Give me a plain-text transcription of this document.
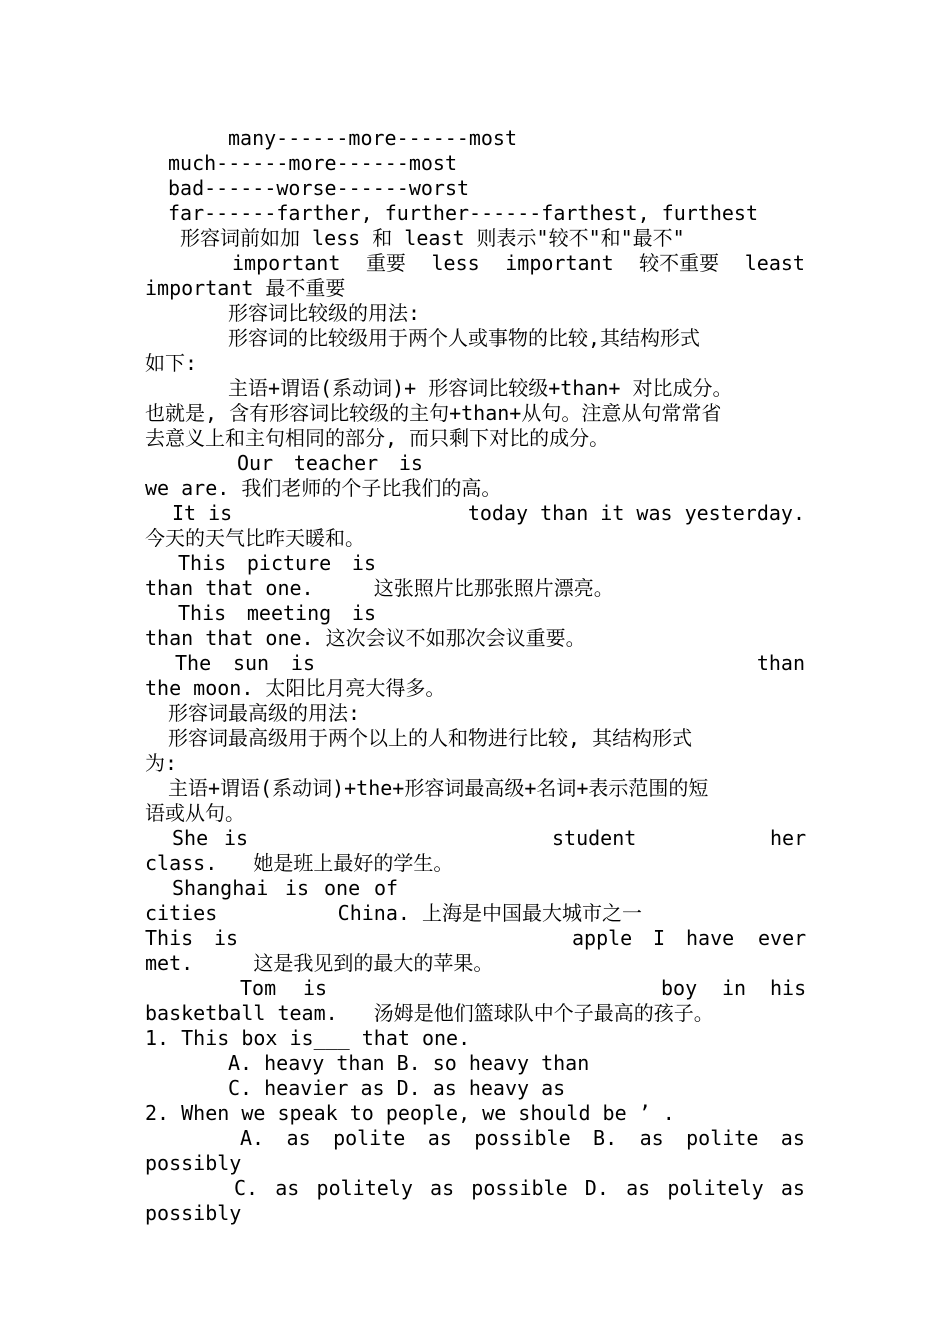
many------more------most
much------more------most
bad------worse------worst
far------farther, further------farthest, furthest
形容词前如加 less 和 least 则表示"较不"和"最不"
important 重要 less important 较不重要 least
important 最不重要
形容词比较级的用法:
形容词的比较级用于两个人或事物的比较,其结构形式
如下:
主语+谓语(系动词)+ 形容词比较级+than+ 对比成分。
也就是, 含有形容词比较级的主句+than+从句。注意从句常常省
去意义上和主句相同的部分, 而只剩下对比的成分。
Our teacher is
we are. 我们老师的个子比我们的高。
It is	today than it was yesterday.
今天的天气比昨天暖和。
This picture is
than that one.     这张照片比那张照片漂亮。
This meeting is
than that one. 这次会议不如那次会议重要。
The sun is	than
the moon. 太阳比月亮大得多。
形容词最高级的用法:
形容词最高级用于两个以上的人和物进行比较, 其结构形式
为:
主语+谓语(系动词)+the+形容词最高级+名词+表示范围的短
语或从句。
She is	student	her
class.   她是班上最好的学生。
Shanghai is one of
cities          China. 上海是中国最大城市之一
This is	apple I have ever
met.     这是我见到的最大的苹果。
Tom is	boy in his
basketball team.   汤姆是他们篮球队中个子最高的孩子。
1. This box is___ that one.
A. heavy than B. so heavy than
C. heavier as D. as heavy as
2. When we speak to people, we should be ’ .
A. as polite as possible B. as polite as
possibly
C. as politely as possible D. as politely as
possibly
